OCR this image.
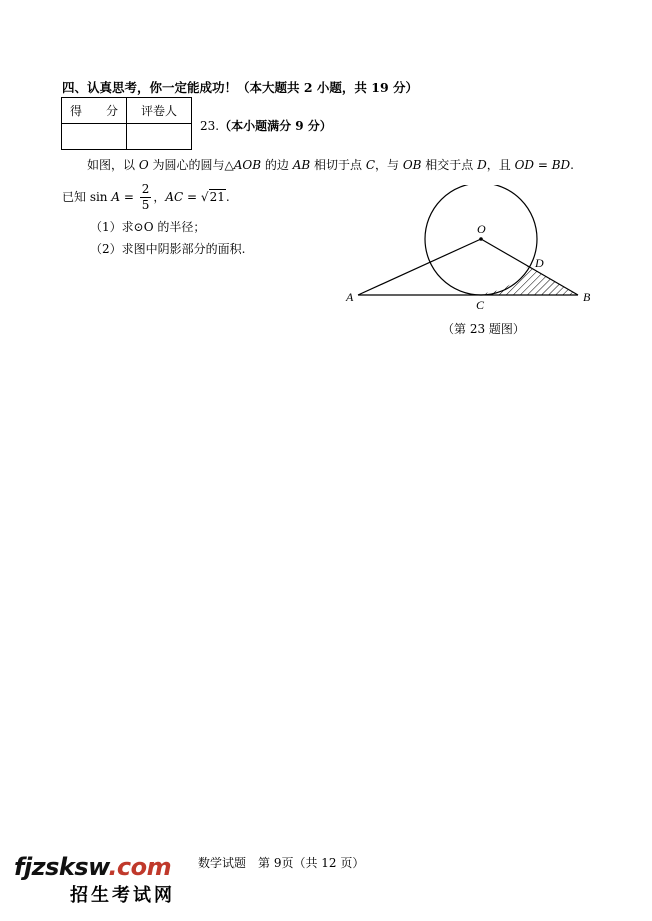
四、认真思考，你一定能成功！（本大题共 2 小题，共 19 分）
得　　分	评卷人

23.（本小题满分 9 分）
如图，以 O 为圆心的圆与△AOB 的边 AB 相切于点 C，与 OB 相交于点 D，且 OD = BD.
已知 $\sin A = \frac{2}{5}$ ，AC = √21.
（1）求⊙O 的半径；
（2）求图中阴影部分的面积.
O
D
A
C
B
（第 23 题图）
数学试题　第 9页（共 12 页）
fjzsksw.com
招生考试网
